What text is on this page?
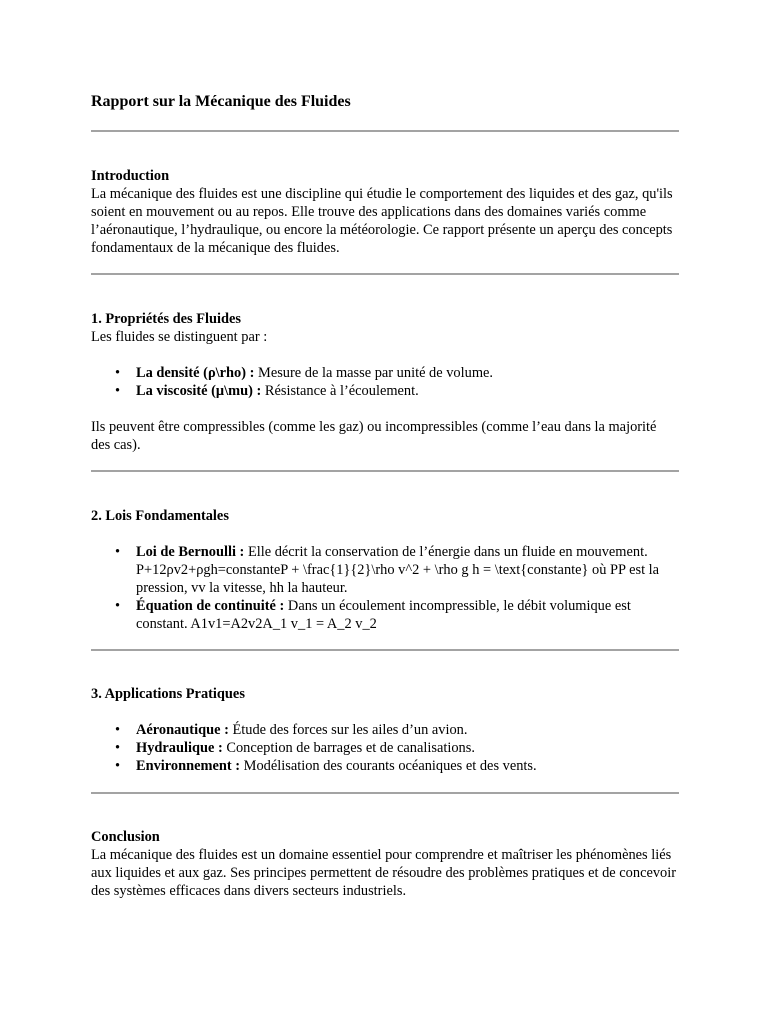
Rapport sur la Mécanique des Fluides
Introduction

La mécanique des fluides est une discipline qui étudie le comportement des liquides et des gaz, qu'ils soient en mouvement ou au repos. Elle trouve des applications dans des domaines variés comme l’aéronautique, l’hydraulique, ou encore la météorologie. Ce rapport présente un aperçu des concepts fondamentaux de la mécanique des fluides.

1. Propriétés des Fluides

Les fluides se distinguent par :

• La densité (ρ\rho) : Mesure de la masse par unité de volume.
• La viscosité (μ\mu) : Résistance à l’écoulement.

Ils peuvent être compressibles (comme les gaz) ou incompressibles (comme l’eau dans la majorité des cas).

2. Lois Fondamentales
• Loi de Bernoulli : Elle décrit la conservation de l’énergie dans un fluide en mouvement. P+12ρv2+ρgh=constanteP + \frac{1}{2}\rho v^2 + \rho g h = \text{constante} où PP est la pression, vv la vitesse, hh la hauteur.
• Équation de continuité : Dans un écoulement incompressible, le débit volumique est constant. A1v1=A2v2A_1 v_1 = A_2 v_2
3. Applications Pratiques
• Aéronautique : Étude des forces sur les ailes d’un avion.
• Hydraulique : Conception de barrages et de canalisations.
• Environnement : Modélisation des courants océaniques et des vents.
Conclusion

La mécanique des fluides est un domaine essentiel pour comprendre et maîtriser les phénomènes liés aux liquides et aux gaz. Ses principes permettent de résoudre des problèmes pratiques et de concevoir des systèmes efficaces dans divers secteurs industriels.
